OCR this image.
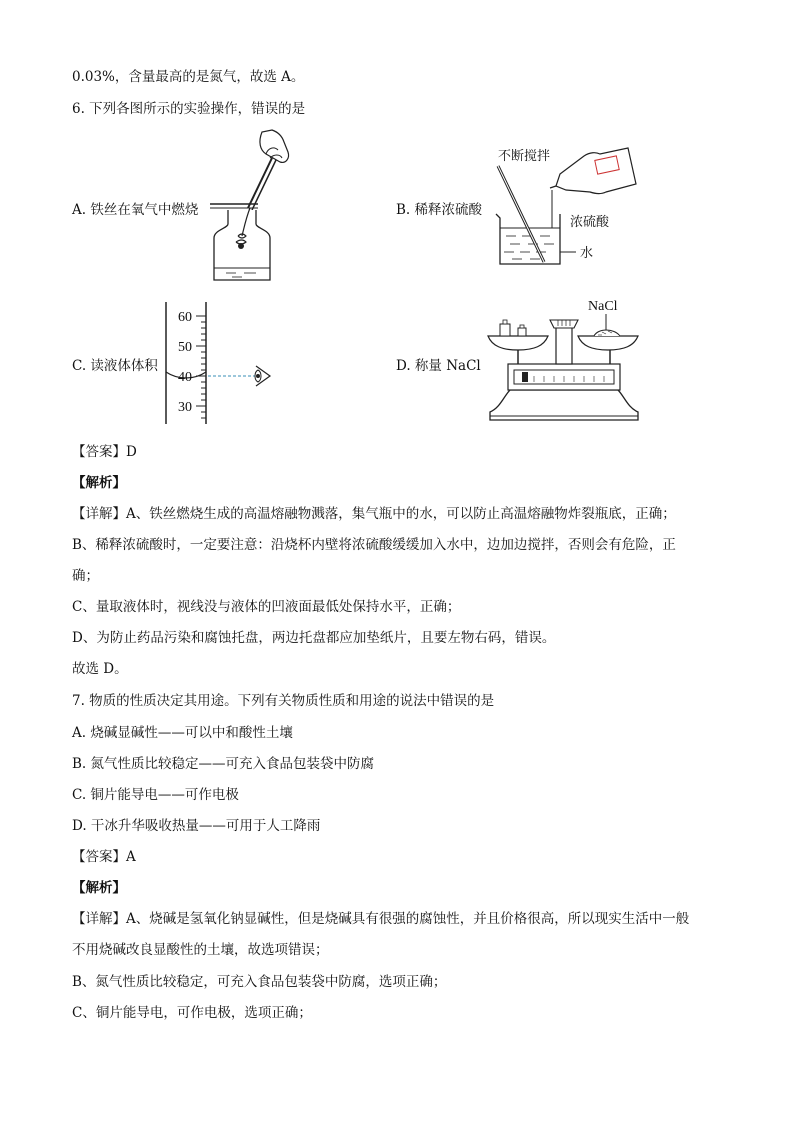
0.03%，含量最高的是氮气，故选 A。
6. 下列各图所示的实验操作，错误的是
A. 铁丝在氧气中燃烧	B. 稀释浓硫酸
C. 读液体体积	D. 称量 NaCl
不断搅拌
浓硫酸
水
60
50
40
30
NaCl
【答案】D
【解析】
【详解】A、铁丝燃烧生成的高温熔融物溅落，集气瓶中的水，可以防止高温熔融物炸裂瓶底，正确；
B、稀释浓硫酸时，一定要注意：沿烧杯内壁将浓硫酸缓缓加入水中，边加边搅拌，否则会有危险，正
确；
C、量取液体时，视线没与液体的凹液面最低处保持水平，正确；
D、为防止药品污染和腐蚀托盘，两边托盘都应加垫纸片，且要左物右码，错误。
故选 D。
7. 物质的性质决定其用途。下列有关物质性质和用途的说法中错误的是
A. 烧碱显碱性——可以中和酸性土壤
B. 氮气性质比较稳定——可充入食品包装袋中防腐
C. 铜片能导电——可作电极
D. 干冰升华吸收热量——可用于人工降雨
【答案】A
【解析】
【详解】A、烧碱是氢氧化钠显碱性，但是烧碱具有很强的腐蚀性，并且价格很高，所以现实生活中一般
不用烧碱改良显酸性的土壤，故选项错误；
B、氮气性质比较稳定，可充入食品包装袋中防腐，选项正确；
C、铜片能导电，可作电极，选项正确；
